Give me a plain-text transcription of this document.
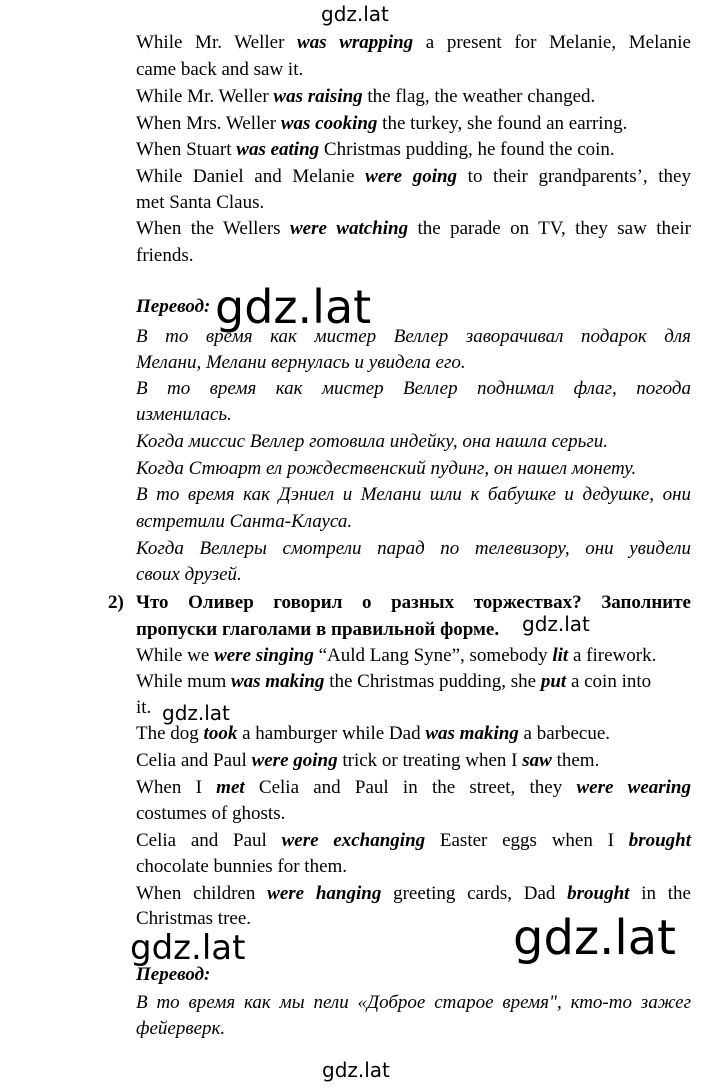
gdz.lat
While Mr. Weller was wrapping a present for Melanie, Melanie
came back and saw it.
While Mr. Weller was raising the flag, the weather changed.
When Mrs. Weller was cooking the turkey, she found an earring.
When Stuart was eating Christmas pudding, he found the coin.
While Daniel and Melanie were going to their grandparents’, they
met Santa Claus.
When the Wellers were watching the parade on TV, they saw their
friends.
Перевод: gdz.lat
В то время как мистер Веллер заворачивал подарок для
Мелани, Мелани вернулась и увидела его.
В то время как мистер Веллер поднимал флаг, погода
изменилась.
Когда миссис Веллер готовила индейку, она нашла серьги.
Когда Стюарт ел рождественский пудинг, он нашел монету.
В то время как Дэниел и Мелани шли к бабушке и дедушке, они
встретили Санта-Клауса.
Когда Веллеры смотрели парад по телевизору, они увидели
своих друзей.
2) Что Оливер говорил о разных торжествах? Заполните
пропуски глаголами в правильной форме.	gdz.lat
While we were singing “Auld Lang Syne”, somebody lit a firework.
While mum was making the Christmas pudding, she put a coin into
it. gdz.lat
The dog took a hamburger while Dad was making a barbecue.
Celia and Paul were going trick or treating when I saw them.
When I met Celia and Paul in the street, they were wearing
costumes of ghosts.
Celia and Paul were exchanging Easter eggs when I brought
chocolate bunnies for them.
When children were hanging greeting cards, Dad brought in the
Christmas tree.	gdz.lat
gdz.lat
Перевод:
В то время как мы пели «Доброе старое время", кто-то зажег
фейерверк.
gdz.lat
